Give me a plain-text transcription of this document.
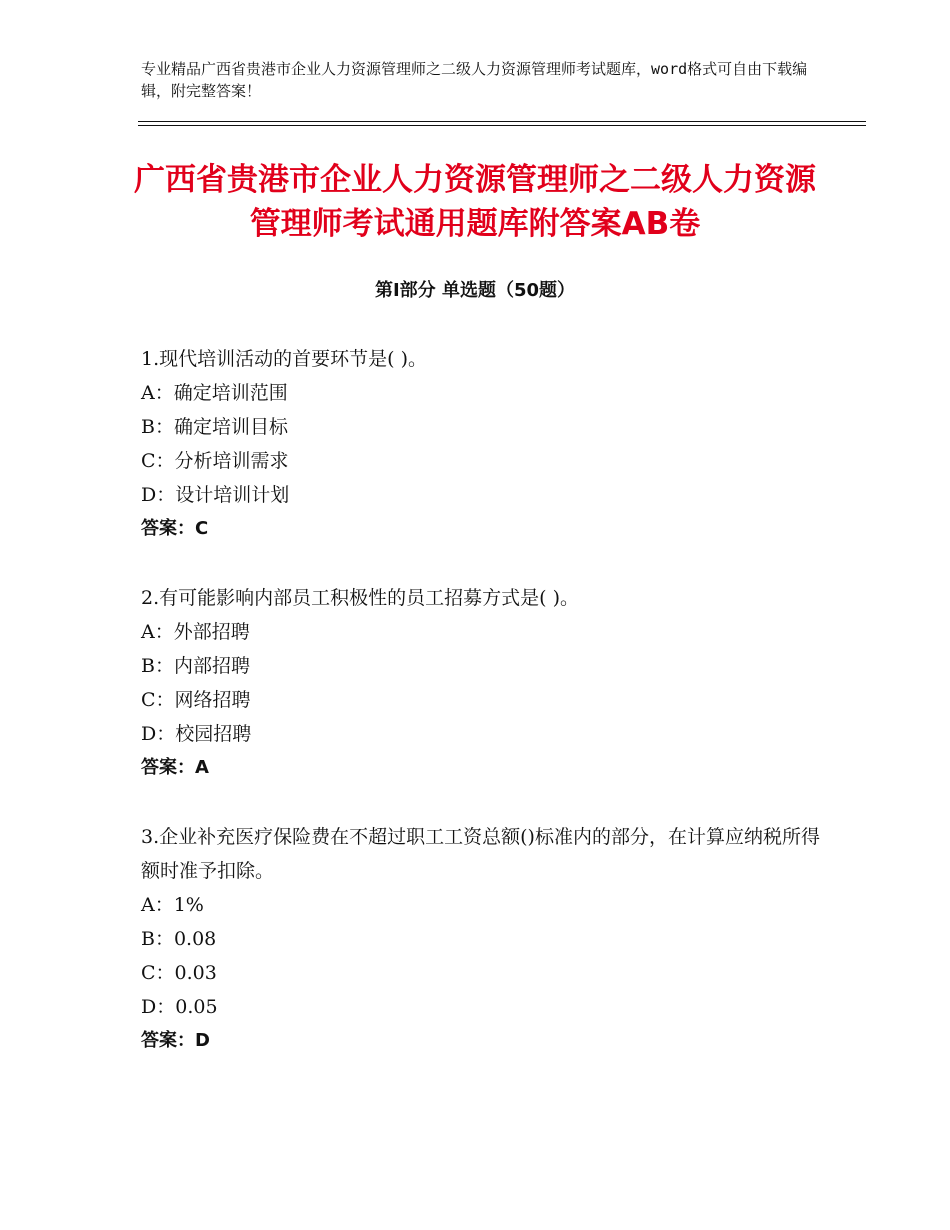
专业精品广西省贵港市企业人力资源管理师之二级人力资源管理师考试题库，word格式可自由下载编辑，附完整答案！
广西省贵港市企业人力资源管理师之二级人力资源管理师考试通用题库附答案AB卷
第Ⅰ部分 单选题（50题）

1.现代培训活动的首要环节是( )。

A：确定培训范围
B：确定培训目标
C：分析培训需求
D：设计培训计划
答案：C

2.有可能影响内部员工积极性的员工招募方式是( )。

A：外部招聘
B：内部招聘
C：网络招聘
D：校园招聘
答案：A

3.企业补充医疗保险费在不超过职工工资总额()标准内的部分，在计算应纳税所得额时准予扣除。

A：1%
B：0.08
C：0.03
D：0.05
答案：D
